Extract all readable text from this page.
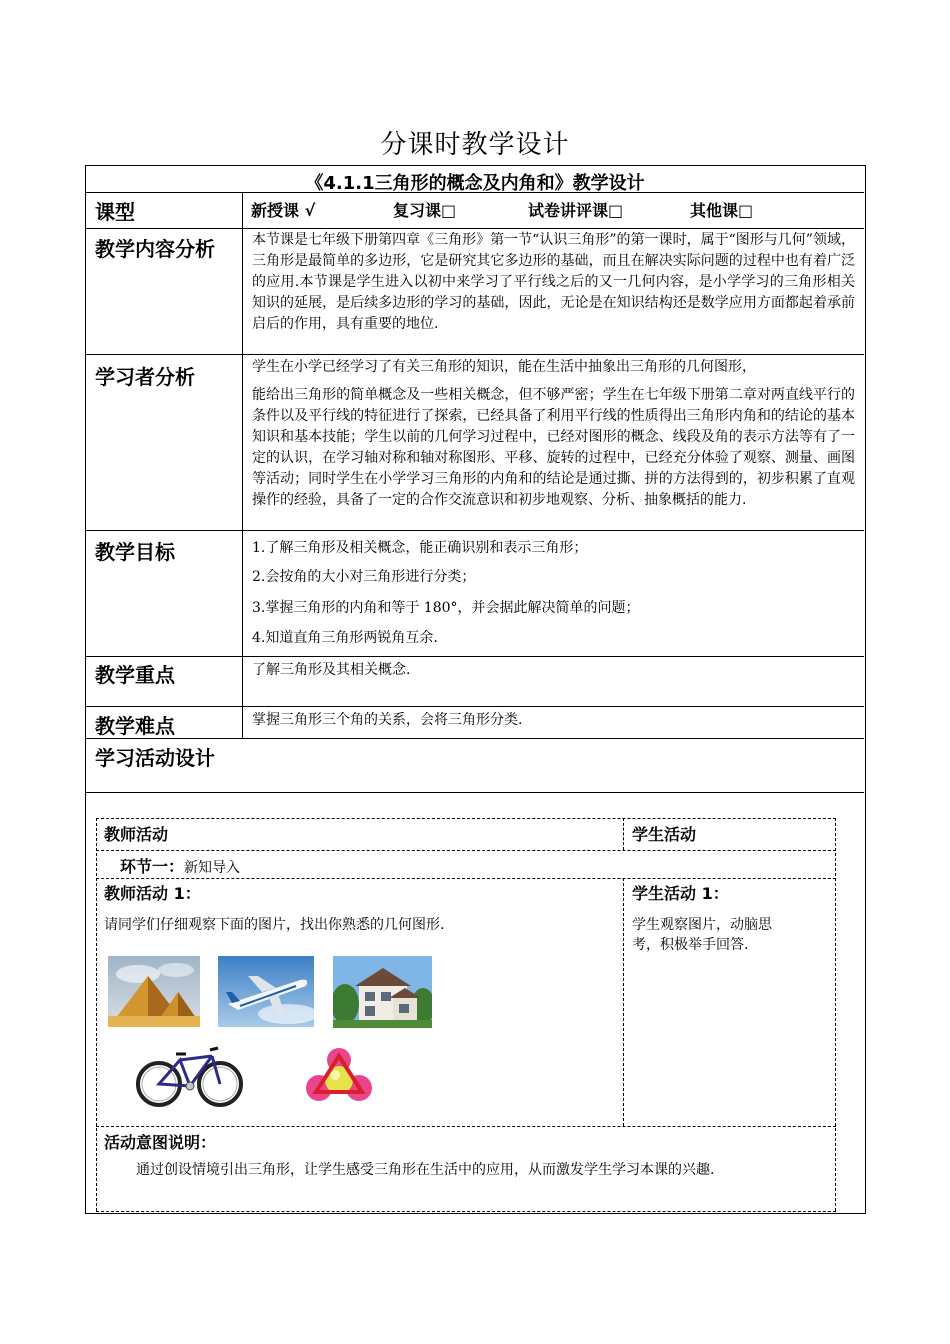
分课时教学设计
《4.1.1三角形的概念及内角和》教学设计
课型	新授课 √	复习课□	试卷讲评课□	其他课□
教学内容分析	本节课是七年级下册第四章《三角形》第一节“认识三角形”的第一课时，属于“图形与几何”领域，三角形是最简单的多边形，它是研究其它多边形的基础，而且在解决实际问题的过程中也有着广泛的应用.本节课是学生进入以初中来学习了平行线之后的又一几何内容，是小学学习的三角形相关知识的延展，是后续多边形的学习的基础，因此，无论是在知识结构还是数学应用方面都起着承前启后的作用，具有重要的地位.
学习者分析	学生在小学已经学习了有关三角形的知识，能在生活中抽象出三角形的几何图形，
能给出三角形的简单概念及一些相关概念，但不够严密；学生在七年级下册第二章对两直线平行的条件以及平行线的特征进行了探索，已经具备了利用平行线的性质得出三角形内角和的结论的基本知识和基本技能；学生以前的几何学习过程中，已经对图形的概念、线段及角的表示方法等有了一定的认识，在学习轴对称和轴对称图形、平移、旋转的过程中，已经充分体验了观察、测量、画图等活动；同时学生在小学学习三角形的内角和的结论是通过撕、拼的方法得到的，初步积累了直观操作的经验，具备了一定的合作交流意识和初步地观察、分析、抽象概括的能力.
教学目标	1.了解三角形及相关概念，能正确识别和表示三角形；
2.会按角的大小对三角形进行分类；
3.掌握三角形的内角和等于 180°，并会据此解决简单的问题；
4.知道直角三角形两锐角互余.
教学重点	了解三角形及其相关概念.
教学难点	掌握三角形三个角的关系，会将三角形分类.
学习活动设计
教师活动	学生活动
环节一：新知导入
教师活动 1：
请同学们仔细观察下面的图片，找出你熟悉的几何图形.
学生活动 1：
学生观察图片，动脑思
考，积极举手回答.
活动意图说明：
通过创设情境引出三角形，让学生感受三角形在生活中的应用，从而激发学生学习本课的兴趣.
